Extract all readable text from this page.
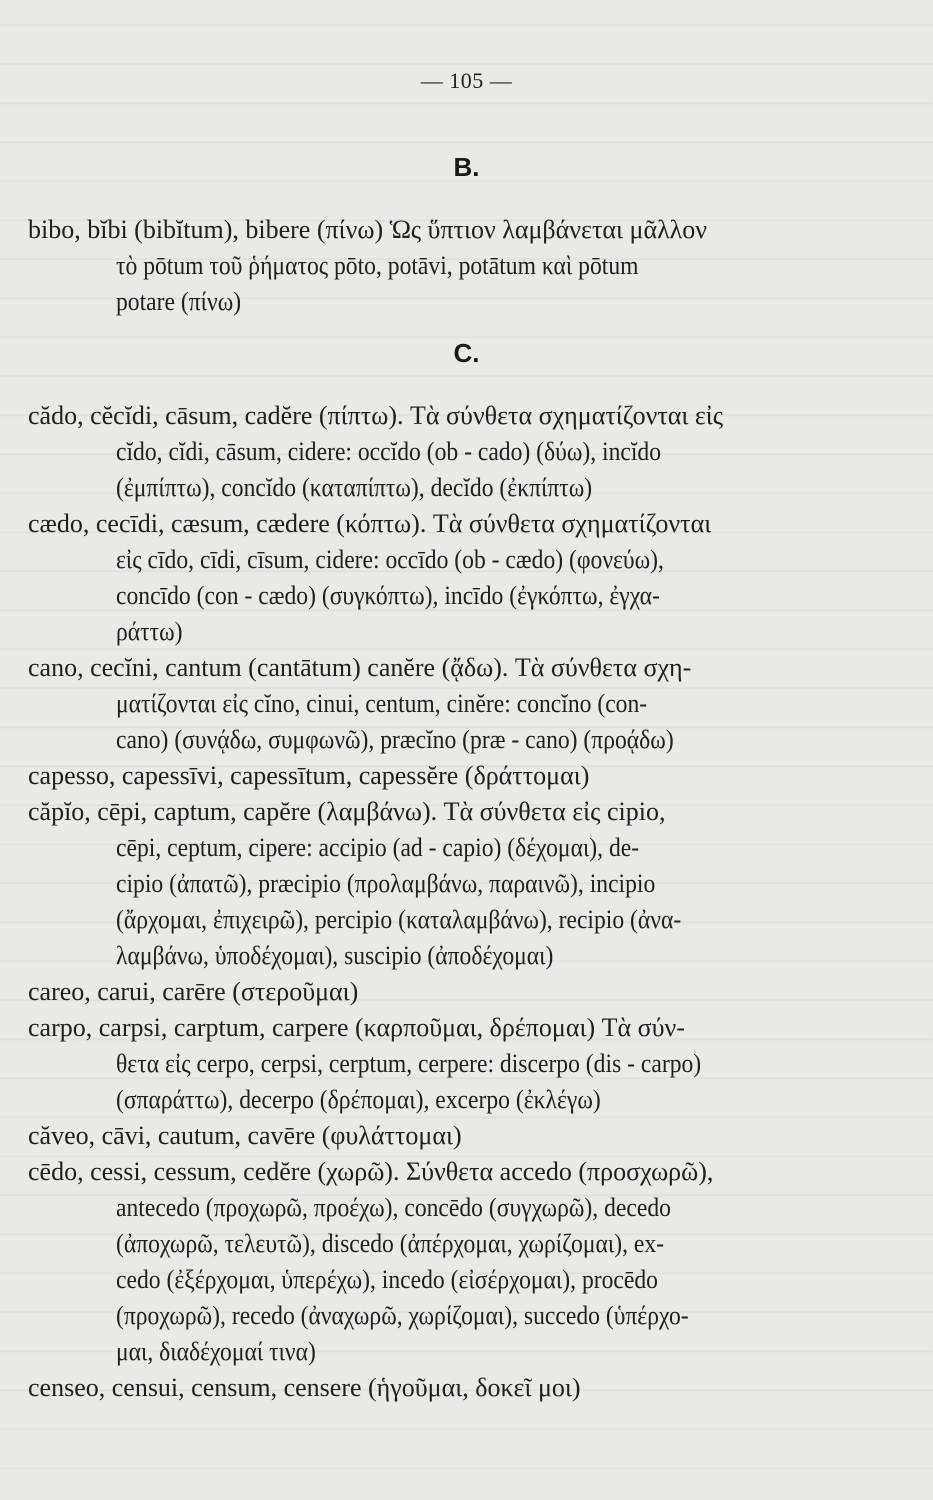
— 105 —
B.
bibo, bĭbi (bibĭtum), bibere (πίνω) Ὡς ὕπτιον λαμβάνεται μᾶλλον
τὸ pōtum τοῦ ῥήματος pōto, potāvi, potātum καὶ pōtum
potare (πίνω)
C.
cădo, cĕcĭdi, cāsum, cadĕre (πίπτω). Τὰ σύνθετα σχηματίζονται εἰς
cĭdo, cĭdi, cāsum, cidere: occĭdo (ob - cado) (δύω), incĭdo
(ἐμπίπτω), concĭdo (καταπίπτω), decĭdo (ἐκπίπτω)
cædo, cecīdi, cæsum, cædere (κόπτω). Τὰ σύνθετα σχηματίζονται
εἰς cīdo, cīdi, cīsum, cidere: occīdo (ob - cædo) (φονεύω),
concīdo (con - cædo) (συγκόπτω), incīdo (ἐγκόπτω, ἐγχα-
ράττω)
cano, cecĭni, cantum (cantātum) canĕre (ᾄδω). Τὰ σύνθετα σχη-
ματίζονται εἰς cĭno, cinui, centum, cinĕre: concĭno (con-
cano) (συνᾴδω, συμφωνῶ), præcĭno (præ - cano) (προᾴδω)
capesso, capessīvi, capessītum, capessĕre (δράττομαι)
căpĭo, cēpi, captum, capĕre (λαμβάνω). Τὰ σύνθετα εἰς cipio,
cēpi, ceptum, cipere: accipio (ad - capio) (δέχομαι), de-
cipio (ἀπατῶ), præcipio (προλαμβάνω, παραινῶ), incipio
(ἄρχομαι, ἐπιχειρῶ), percipio (καταλαμβάνω), recipio (ἀνα-
λαμβάνω, ὑποδέχομαι), suscipio (ἀποδέχομαι)
careo, carui, carēre (στεροῦμαι)
carpo, carpsi, carptum, carpere (καρποῦμαι, δρέπομαι) Τὰ σύν-
θετα εἰς cerpo, cerpsi, cerptum, cerpere: discerpo (dis - carpo)
(σπαράττω), decerpo (δρέπομαι), excerpo (ἐκλέγω)
căveo, cāvi, cautum, cavēre (φυλάττομαι)
cēdo, cessi, cessum, cedĕre (χωρῶ). Σύνθετα accedo (προσχωρῶ),
antecedo (προχωρῶ, προέχω), concēdo (συγχωρῶ), decedo
(ἀποχωρῶ, τελευτῶ), discedo (ἀπέρχομαι, χωρίζομαι), ex-
cedo (ἐξέρχομαι, ὑπερέχω), incedo (εἰσέρχομαι), procēdo
(προχωρῶ), recedo (ἀναχωρῶ, χωρίζομαι), succedo (ὑπέρχο-
μαι, διαδέχομαί τινα)
censeo, censui, censum, censere (ἡγοῦμαι, δοκεῖ μοι)
